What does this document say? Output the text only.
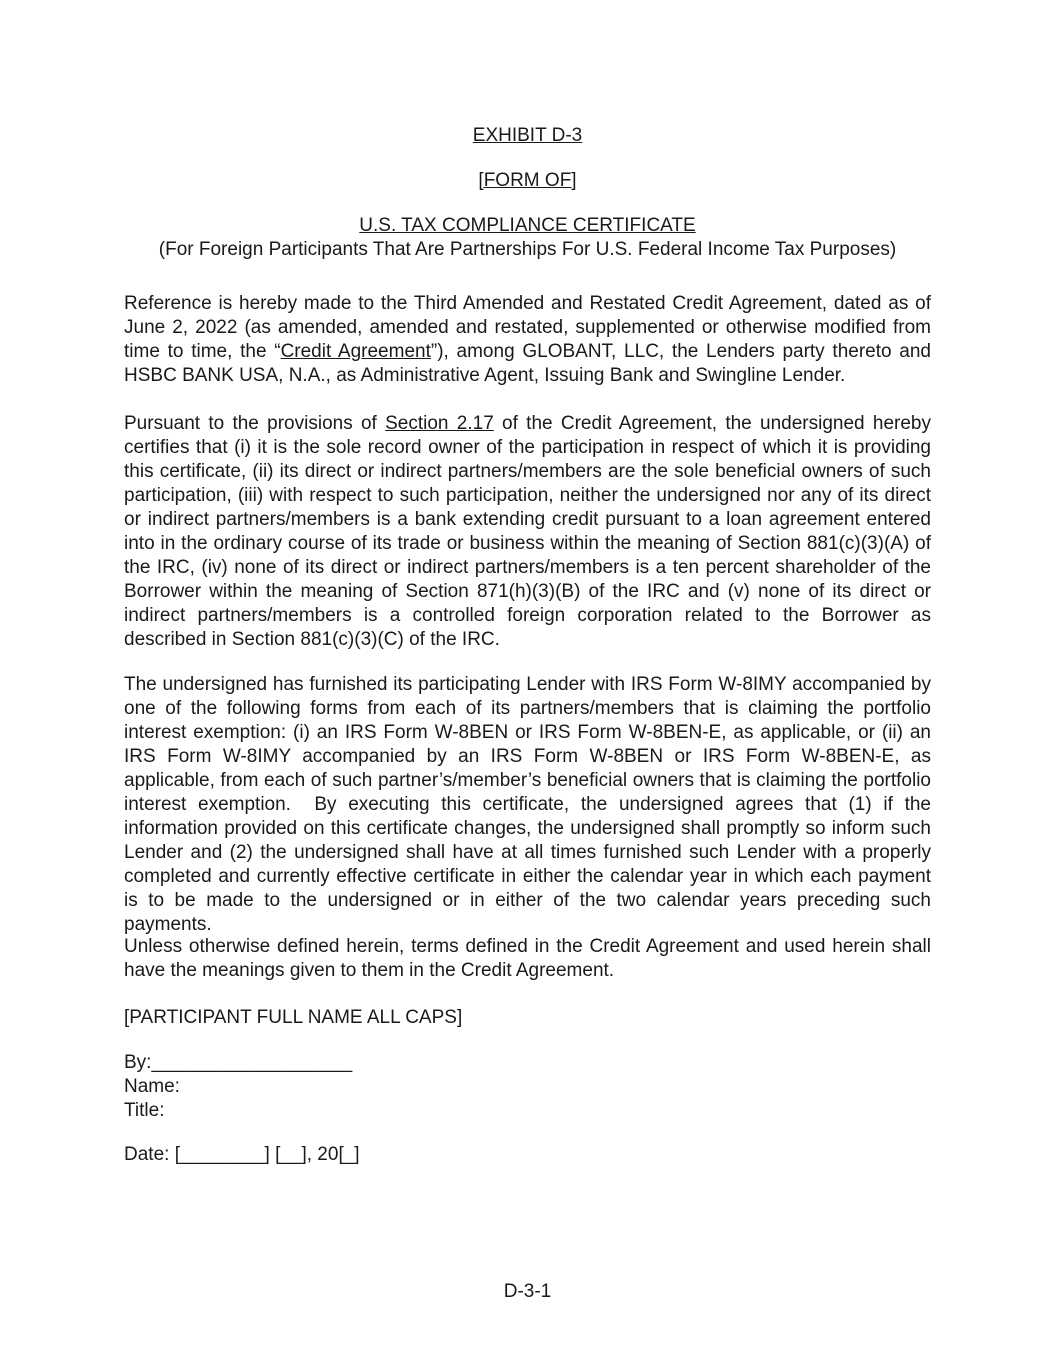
EXHIBIT D-3
[FORM OF]
U.S. TAX COMPLIANCE CERTIFICATE
(For Foreign Participants That Are Partnerships For U.S. Federal Income Tax Purposes)

Reference is hereby made to the Third Amended and Restated Credit Agreement, dated as of June 2, 2022 (as amended, amended and restated, supplemented or otherwise modified from time to time, the “Credit Agreement”), among GLOBANT, LLC, the Lenders party thereto and HSBC BANK USA, N.A., as Administrative Agent, Issuing Bank and Swingline Lender.

Pursuant to the provisions of Section 2.17 of the Credit Agreement, the undersigned hereby certifies that (i) it is the sole record owner of the participation in respect of which it is providing this certificate, (ii) its direct or indirect partners/members are the sole beneficial owners of such participation, (iii) with respect to such participation, neither the undersigned nor any of its direct or indirect partners/members is a bank extending credit pursuant to a loan agreement entered into in the ordinary course of its trade or business within the meaning of Section 881(c)(3)(A) of the IRC, (iv) none of its direct or indirect partners/members is a ten percent shareholder of the Borrower within the meaning of Section 871(h)(3)(B) of the IRC and (v) none of its direct or indirect partners/members is a controlled foreign corporation related to the Borrower as described in Section 881(c)(3)(C) of the IRC.

The undersigned has furnished its participating Lender with IRS Form W-8IMY accompanied by one of the following forms from each of its partners/members that is claiming the portfolio interest exemption: (i) an IRS Form W-8BEN or IRS Form W-8BEN-E, as applicable, or (ii) an IRS Form W-8IMY accompanied by an IRS Form W-8BEN or IRS Form W-8BEN-E, as applicable, from each of such partner’s/member’s beneficial owners that is claiming the portfolio interest exemption.  By executing this certificate, the undersigned agrees that (1) if the information provided on this certificate changes, the undersigned shall promptly so inform such Lender and (2) the undersigned shall have at all times furnished such Lender with a properly completed and currently effective certificate in either the calendar year in which each payment is to be made to the undersigned or in either of the two calendar years preceding such payments.

Unless otherwise defined herein, terms defined in the Credit Agreement and used herein shall have the meanings given to them in the Credit Agreement.

[PARTICIPANT FULL NAME ALL CAPS]
By:___________________
Name:
Title:
Date: [________] [__], 20[_]
D-3-1
